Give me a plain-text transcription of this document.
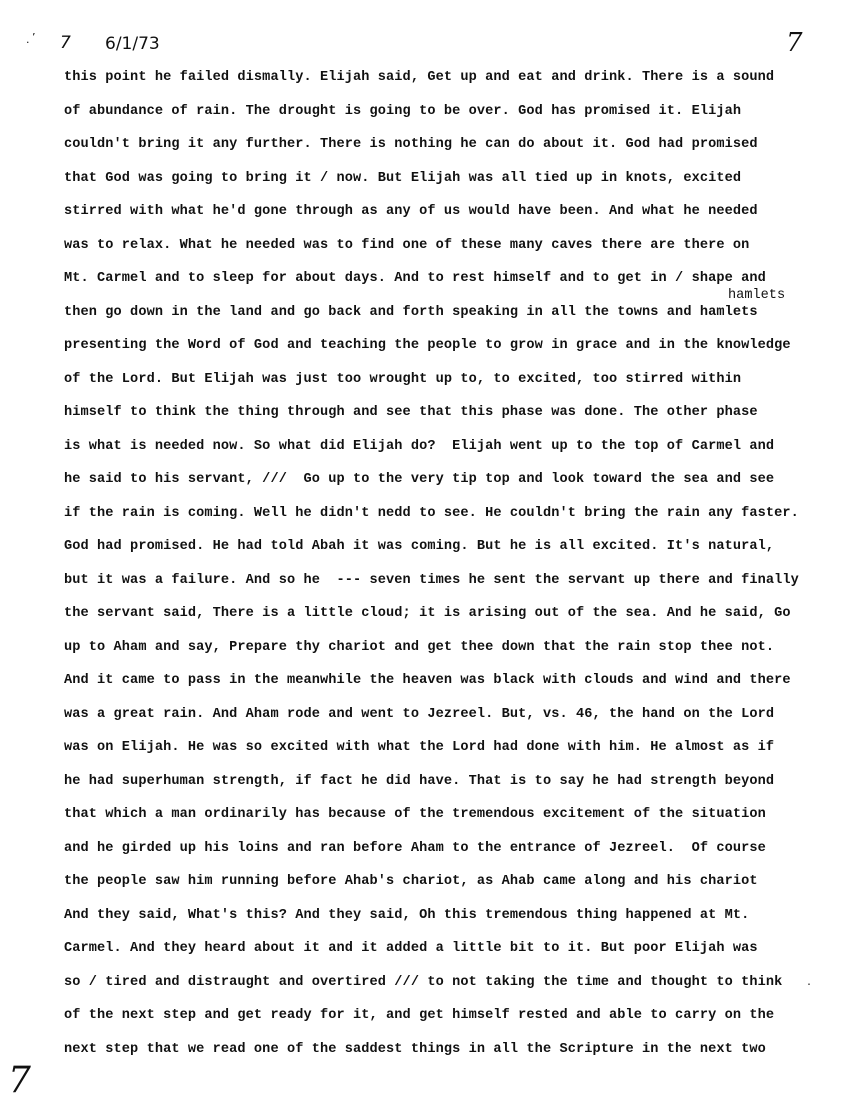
’
· 7 6/1/73	7
hamlets
this point he failed dismally. Elijah said, Get up and eat and drink. There is a sound
of abundance of rain. The drought is going to be over. God has promised it. Elijah
couldn't bring it any further. There is nothing he can do about it. God had promised
that God was going to bring it / now. But Elijah was all tied up in knots, excited
stirred with what he'd gone through as any of us would have been. And what he needed
was to relax. What he needed was to find one of these many caves there are there on
Mt. Carmel and to sleep for about days. And to rest himself and to get in / shape and
then go down in the land and go back and forth speaking in all the towns and hamlets
presenting the Word of God and teaching the people to grow in grace and in the knowledge
of the Lord. But Elijah was just too wrought up to, to excited, too stirred within
himself to think the thing through and see that this phase was done. The other phase
is what is needed now. So what did Elijah do?  Elijah went up to the top of Carmel and
he said to his servant, ///  Go up to the very tip top and look toward the sea and see
if the rain is coming. Well he didn't nedd to see. He couldn't bring the rain any faster.
God had promised. He had told Abah it was coming. But he is all excited. It's natural,
but it was a failure. And so he  --- seven times he sent the servant up there and finally
the servant said, There is a little cloud; it is arising out of the sea. And he said, Go
up to Aham and say, Prepare thy chariot and get thee down that the rain stop thee not.
And it came to pass in the meanwhile the heaven was black with clouds and wind and there
was a great rain. And Aham rode and went to Jezreel. But, vs. 46, the hand on the Lord
was on Elijah. He was so excited with what the Lord had done with him. He almost as if
he had superhuman strength, if fact he did have. That is to say he had strength beyond
that which a man ordinarily has because of the tremendous excitement of the situation
and he girded up his loins and ran before Aham to the entrance of Jezreel.  Of course
the people saw him running before Ahab's chariot, as Ahab came along and his chariot
And they said, What's this? And they said, Oh this tremendous thing happened at Mt.
Carmel. And they heard about it and it added a little bit to it. But poor Elijah was
so / tired and distraught and overtired /// to not taking the time and thought to think
of the next step and get ready for it, and get himself rested and able to carry on the
next step that we read one of the saddest things in all the Scripture in the next two
.
7
